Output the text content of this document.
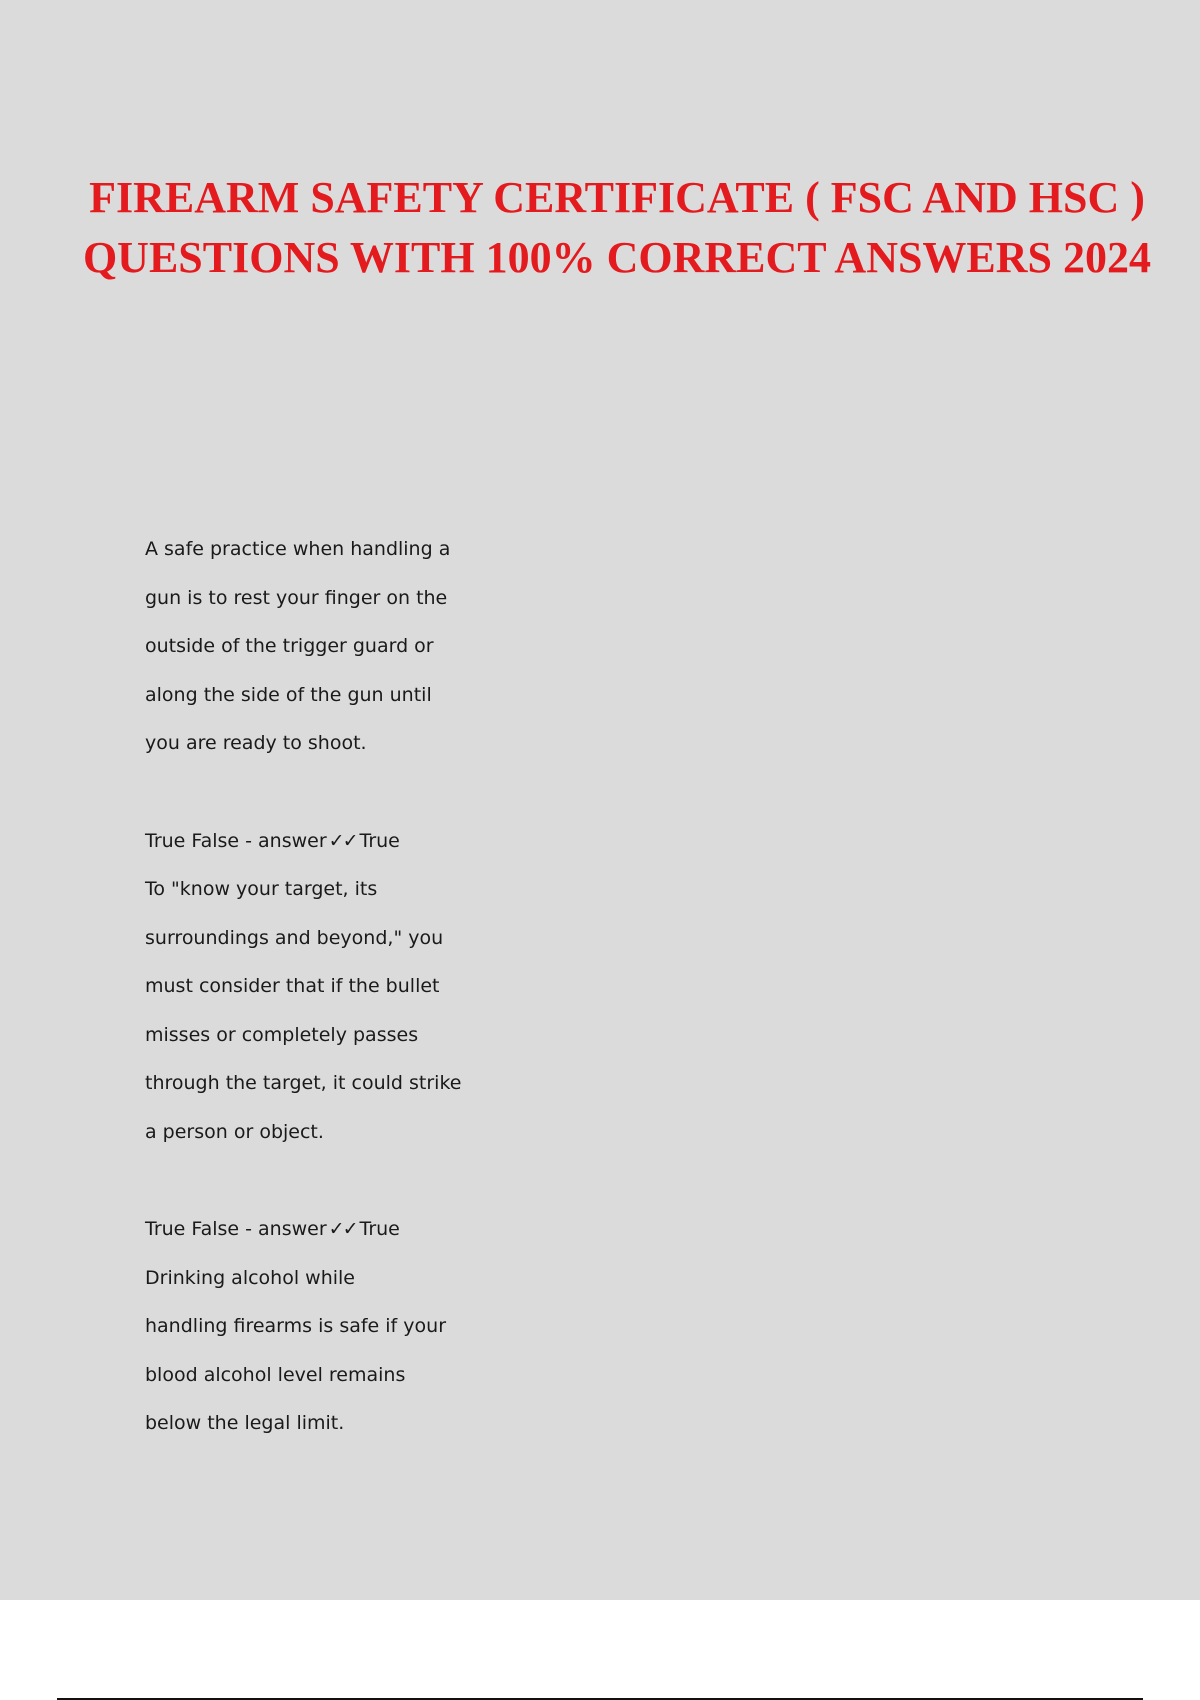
FIREARM SAFETY CERTIFICATE ( FSC AND HSC ) QUESTIONS WITH 100% CORRECT ANSWERS 2024

A safe practice when handling a
gun is to rest your finger on the
outside of the trigger guard or
along the side of the gun until
you are ready to shoot.

True False - answer ✓✓ True

To "know your target, its
surroundings and beyond," you
must consider that if the bullet
misses or completely passes
through the target, it could strike
a person or object.

True False - answer ✓✓ True

Drinking alcohol while
handling firearms is safe if your
blood alcohol level remains
below the legal limit.
